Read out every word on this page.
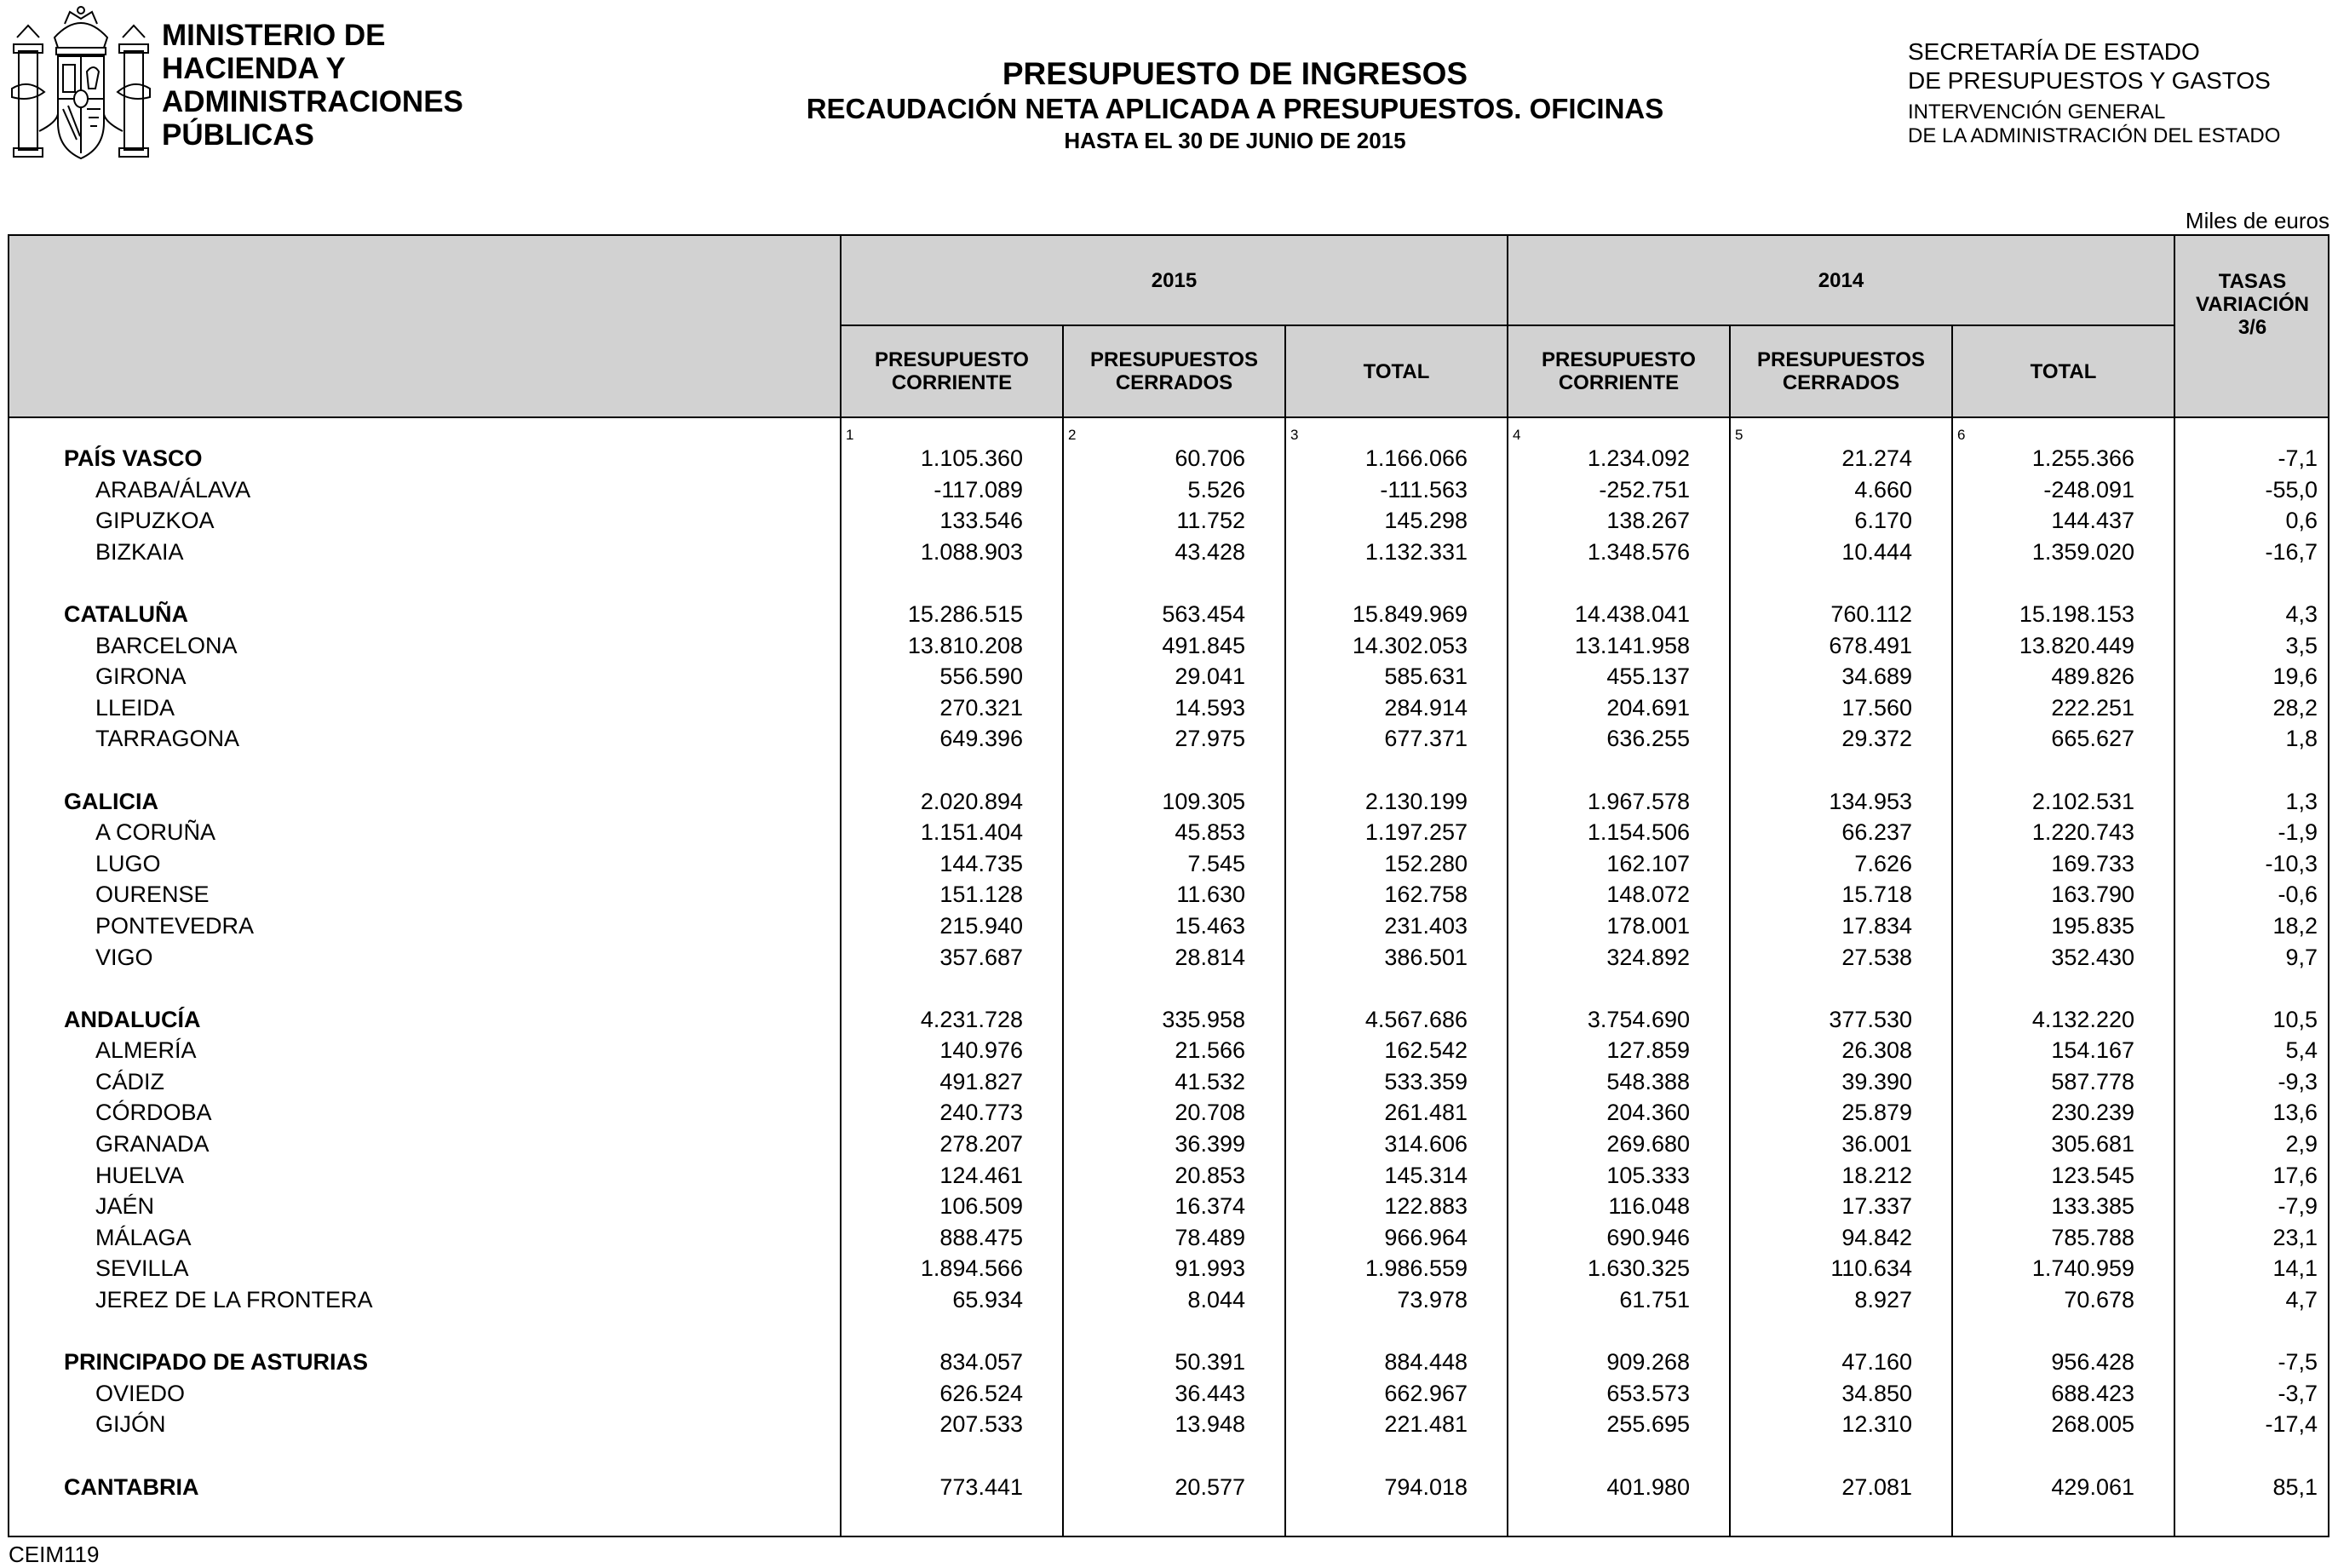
MINISTERIO DE
HACIENDA Y
ADMINISTRACIONES
PÚBLICAS
PRESUPUESTO DE INGRESOS
RECAUDACIÓN NETA APLICADA A PRESUPUESTOS. OFICINAS
HASTA EL 30 DE JUNIO DE 2015
SECRETARÍA DE ESTADO
DE PRESUPUESTOS Y GASTOS
INTERVENCIÓN GENERAL
DE LA ADMINISTRACIÓN DEL ESTADO
Miles de euros
2015	2014	TASAS
VARIACIÓN
3/6
PRESUPUESTO
CORRIENTE
PRESUPUESTOS
CERRADOS	TOTAL	PRESUPUESTO
CORRIENTE
PRESUPUESTOS
CERRADOS	TOTAL
1	2	3	4	5	6
PAÍS VASCO	1.105.360	60.706	1.166.066	1.234.092	21.274	1.255.366	-7,1
ARABA/ÁLAVA	-117.089	5.526	-111.563	-252.751	4.660	-248.091	-55,0
GIPUZKOA	133.546	11.752	145.298	138.267	6.170	144.437	0,6
BIZKAIA	1.088.903	43.428	1.132.331	1.348.576	10.444	1.359.020	-16,7
CATALUÑA	15.286.515	563.454	15.849.969	14.438.041	760.112	15.198.153	4,3
BARCELONA	13.810.208	491.845	14.302.053	13.141.958	678.491	13.820.449	3,5
GIRONA	556.590	29.041	585.631	455.137	34.689	489.826	19,6
LLEIDA	270.321	14.593	284.914	204.691	17.560	222.251	28,2
TARRAGONA	649.396	27.975	677.371	636.255	29.372	665.627	1,8
GALICIA	2.020.894	109.305	2.130.199	1.967.578	134.953	2.102.531	1,3
A CORUÑA	1.151.404	45.853	1.197.257	1.154.506	66.237	1.220.743	-1,9
LUGO	144.735	7.545	152.280	162.107	7.626	169.733	-10,3
OURENSE	151.128	11.630	162.758	148.072	15.718	163.790	-0,6
PONTEVEDRA	215.940	15.463	231.403	178.001	17.834	195.835	18,2
VIGO	357.687	28.814	386.501	324.892	27.538	352.430	9,7
ANDALUCÍA	4.231.728	335.958	4.567.686	3.754.690	377.530	4.132.220	10,5
ALMERÍA	140.976	21.566	162.542	127.859	26.308	154.167	5,4
CÁDIZ	491.827	41.532	533.359	548.388	39.390	587.778	-9,3
CÓRDOBA	240.773	20.708	261.481	204.360	25.879	230.239	13,6
GRANADA	278.207	36.399	314.606	269.680	36.001	305.681	2,9
HUELVA	124.461	20.853	145.314	105.333	18.212	123.545	17,6
JAÉN	106.509	16.374	122.883	116.048	17.337	133.385	-7,9
MÁLAGA	888.475	78.489	966.964	690.946	94.842	785.788	23,1
SEVILLA	1.894.566	91.993	1.986.559	1.630.325	110.634	1.740.959	14,1
JEREZ DE LA FRONTERA	65.934	8.044	73.978	61.751	8.927	70.678	4,7
PRINCIPADO DE ASTURIAS	834.057	50.391	884.448	909.268	47.160	956.428	-7,5
OVIEDO	626.524	36.443	662.967	653.573	34.850	688.423	-3,7
GIJÓN	207.533	13.948	221.481	255.695	12.310	268.005	-17,4
CANTABRIA	773.441	20.577	794.018	401.980	27.081	429.061	85,1
CEIM119
